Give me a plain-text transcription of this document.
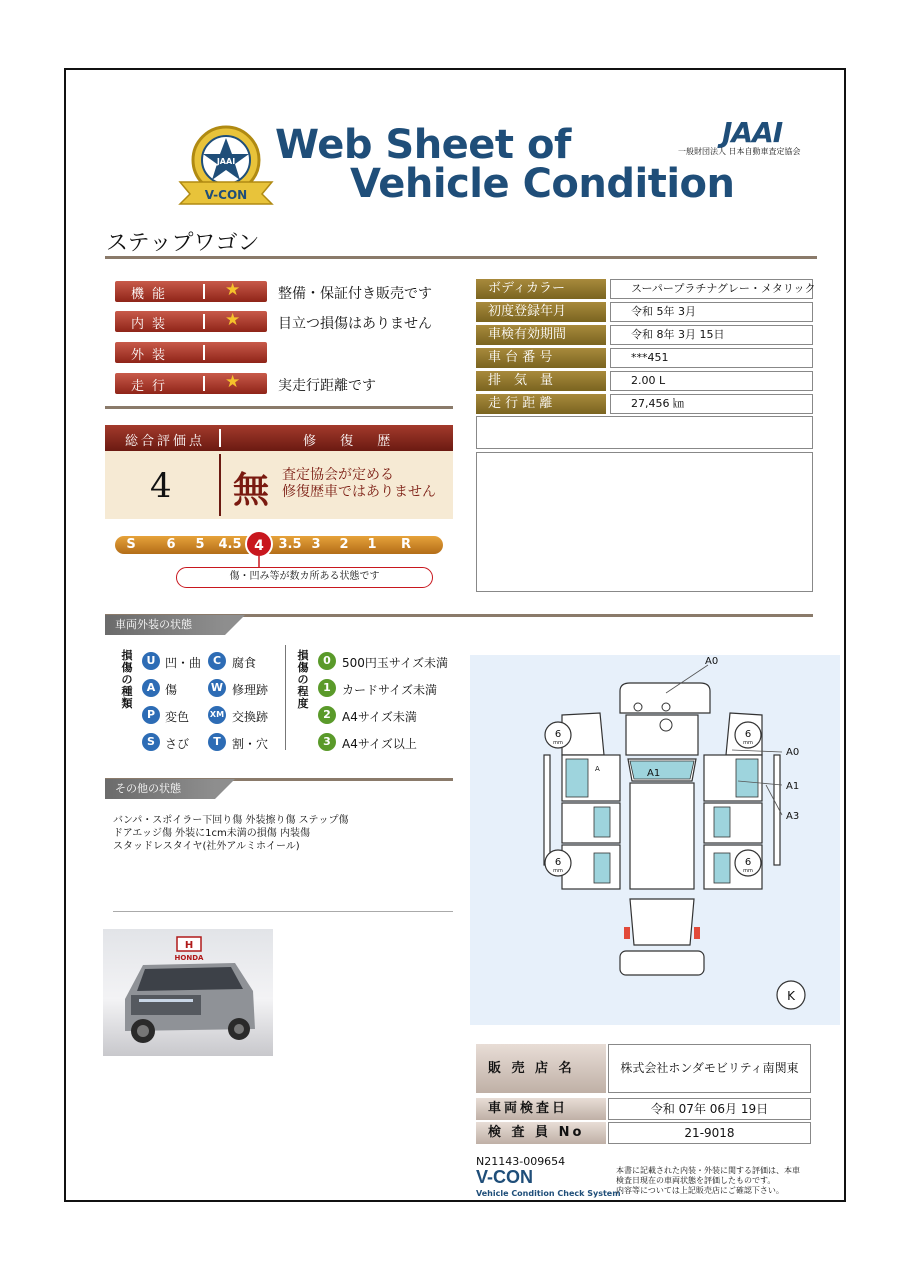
V-CON
JAAI Web Sheet of
Vehicle Condition
JAAI
一般財団法人 日本自動車査定協会
ステップワゴン
機能	★	整備・保証付き販売です
内装	★	目立つ損傷はありません
外装
走行	★	実走行距離です
総合評価点	修 復 歴
4 無 査定協会が定める
修復歴車ではありません
S 6 5 4.5 4	3.5 3 2 1 R
傷・凹み等が数カ所ある状態です
ボディカラー	スーパープラチナグレー・メタリック
初度登録年月	令和 5年 3月
車検有効期間	令和 8年 3月 15日
車 台 番 号	***451
排　気　量	2.00 L
走 行 距 離	27,456 ㎞
車両外装の状態
損傷の種類
U 凹・曲
A 傷
P 変色
S さび
C 腐食
W 修理跡
XM 交換跡
T 割・穴
損傷の程度
0 500円玉サイズ未満
1 カードサイズ未満
2 A4サイズ未満
3 A4サイズ以上
その他の状態
バンパ・スポイラー下回り傷 外装擦り傷 ステップ傷
ドアエッジ傷 外装に1cm未満の損傷 内装傷
スタッドレスタイヤ(社外アルミホイール)
H
HONDA
6	6
6	6
mm	mm
mm	mm
K
A0
A0
A1
A3
A1
A
販 売 店 名	株式会社ホンダモビリティ南関東
車両検査日	令和 07年 06月 19日
検 査 員 No	21-9018
N21143-009654
V-CON
Vehicle Condition Check System
本書に記載された内装・外装に関する評価は、本車
検査日現在の車両状態を評価したものです。
内容等については上記販売店にご確認下さい。
